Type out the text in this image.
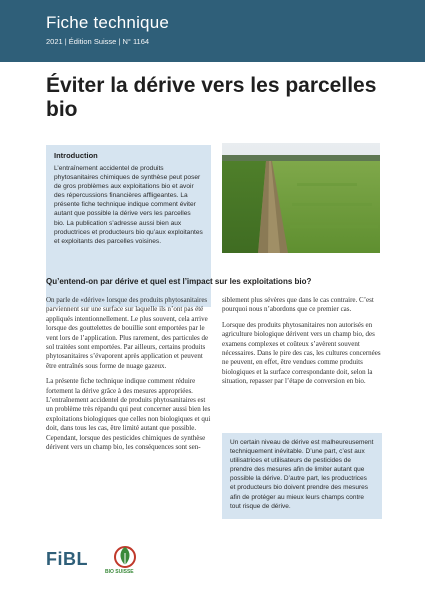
Fiche technique
2021 | Édition Suisse | N° 1164
Éviter la dérive vers les parcelles bio
Introduction

L’entraînement accidentel de produits phytosanitaires chimiques de synthèse peut poser de gros problèmes aux exploitations bio et avoir des répercussions financières affligeantes. La présente fiche technique indique comment éviter autant que possible la dérive vers les parcelles bio. La publication s’adresse aussi bien aux productrices et producteurs bio qu’aux exploitantes et exploitants des parcelles voisines.

Qu’entend-on par dérive et quel est l’impact sur les exploitations bio?

On parle de «dérive» lorsque des produits phytosanitaires parviennent sur une surface sur laquelle ils n’ont pas été appliqués intentionnellement. Le plus souvent, cela arrive lorsque des gouttelettes de bouillie sont emportées par le vent lors de l’application. Plus rarement, des particules de sol traitées sont emportées. Par ailleurs, certains produits phytosanitaires s’évaporent après application et peuvent être entraînés sous forme de nuage gazeux.

La présente fiche technique indique comment réduire fortement la dérive grâce à des mesures appropriées. L’entraînement accidentel de produits phytosanitaires est un problème très répandu qui peut concerner aussi bien les exploitations biologiques que celles non biologiques et qui doit, dans tous les cas, être limité autant que possible. Cependant, lorsque des pesticides chimiques de synthèse dérivent vers un champ bio, les conséquences sont sen-

siblement plus sévères que dans le cas contraire. C’est pourquoi nous n’abordons que ce premier cas.

Lorsque des produits phytosanitaires non autorisés en agriculture biologique dérivent vers un champ bio, des examens complexes et coûteux s’avèrent souvent nécessaires. Dans le pire des cas, les cultures concernées ne peuvent, en effet, être vendues comme produits biologiques et la surface correspondante doit, selon la situation, repasser par l’étape de conversion en bio.

Un certain niveau de dérive est malheureusement techniquement inévitable. D’une part, c’est aux utilisatrices et utilisateurs de pesticides de prendre des mesures afin de limiter autant que possible la dérive. D’autre part, les productrices et producteurs bio doivent prendre des mesures afin de protéger au mieux leurs champs contre tout risque de dérive.
FiBL
BIO SUISSE
